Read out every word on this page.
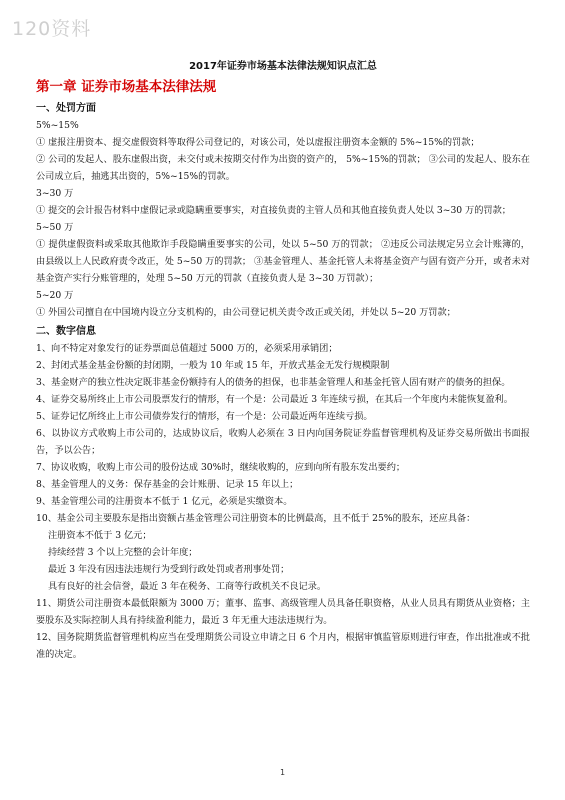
120资料
2017年证券市场基本法律法规知识点汇总
第一章 证券市场基本法律法规
一、处罚方面

5%~15%

① 虚报注册资本、提交虚假资料等取得公司登记的，对该公司，处以虚报注册资本金额的 5%~15%的罚款；

② 公司的发起人、股东虚假出资，未交付或未按期交付作为出资的资产的， 5%~15%的罚款； ③公司的发起人、股东在公司成立后，抽逃其出资的，5%~15%的罚款。

3~30 万

① 提交的会计报告材料中虚假记录或隐瞒重要事实，对直接负责的主管人员和其他直接负责人处以 3~30 万的罚款；

5~50 万

① 提供虚假资料或采取其他欺诈手段隐瞒重要事实的公司，处以 5~50 万的罚款； ②违反公司法规定另立会计账簿的，由县级以上人民政府责令改正，处 5~50 万的罚款； ③基金管理人、基金托管人未将基金资产与固有资产分开，或者未对基金资产实行分账管理的，处理 5~50 万元的罚款（直接负责人是 3~30 万罚款）；

5~20 万

① 外国公司擅自在中国境内设立分支机构的，由公司登记机关责令改正或关闭，并处以 5~20 万罚款；

二、数字信息

1、向不特定对象发行的证券票面总值超过 5000 万的，必须采用承销团；

2、封闭式基金基金份额的封闭期，一般为 10 年或 15 年，开放式基金无发行规模限制

3、基金财产的独立性决定既非基金份额持有人的债务的担保，也非基金管理人和基金托管人固有财产的债务的担保。

4、证券交易所终止上市公司股票发行的情形，有一个是：公司最近 3 年连续亏损，在其后一个年度内未能恢复盈利。

5、证券记忆所终止上市公司债券发行的情形，有一个是：公司最近两年连续亏损。

6、以协议方式收购上市公司的，达成协议后，收购人必须在 3 日内向国务院证券监督管理机构及证券交易所做出书面报告，予以公告；

7、协议收购，收购上市公司的股份达成 30%时，继续收购的，应到向所有股东发出要约；

8、基金管理人的义务：保存基金的会计账册、记录 15 年以上；

9、基金管理公司的注册资本不低于 1 亿元，必须是实缴资本。

10、基金公司主要股东是指出资额占基金管理公司注册资本的比例最高，且不低于 25%的股东，还应具备：

注册资本不低于 3 亿元；

持续经营 3 个以上完整的会计年度；

最近 3 年没有因违法违规行为受到行政处罚或者刑事处罚；

具有良好的社会信誉，最近 3 年在税务、工商等行政机关不良记录。

11、期货公司注册资本最低限额为 3000 万；董事、监事、高级管理人员具备任职资格，从业人员具有期货从业资格；主要股东及实际控制人具有持续盈利能力，最近 3 年无重大违法违规行为。

12、国务院期货监督管理机构应当在受理期货公司设立申请之日 6 个月内，根据审慎监管原则进行审查，作出批准或不批准的决定。

1
